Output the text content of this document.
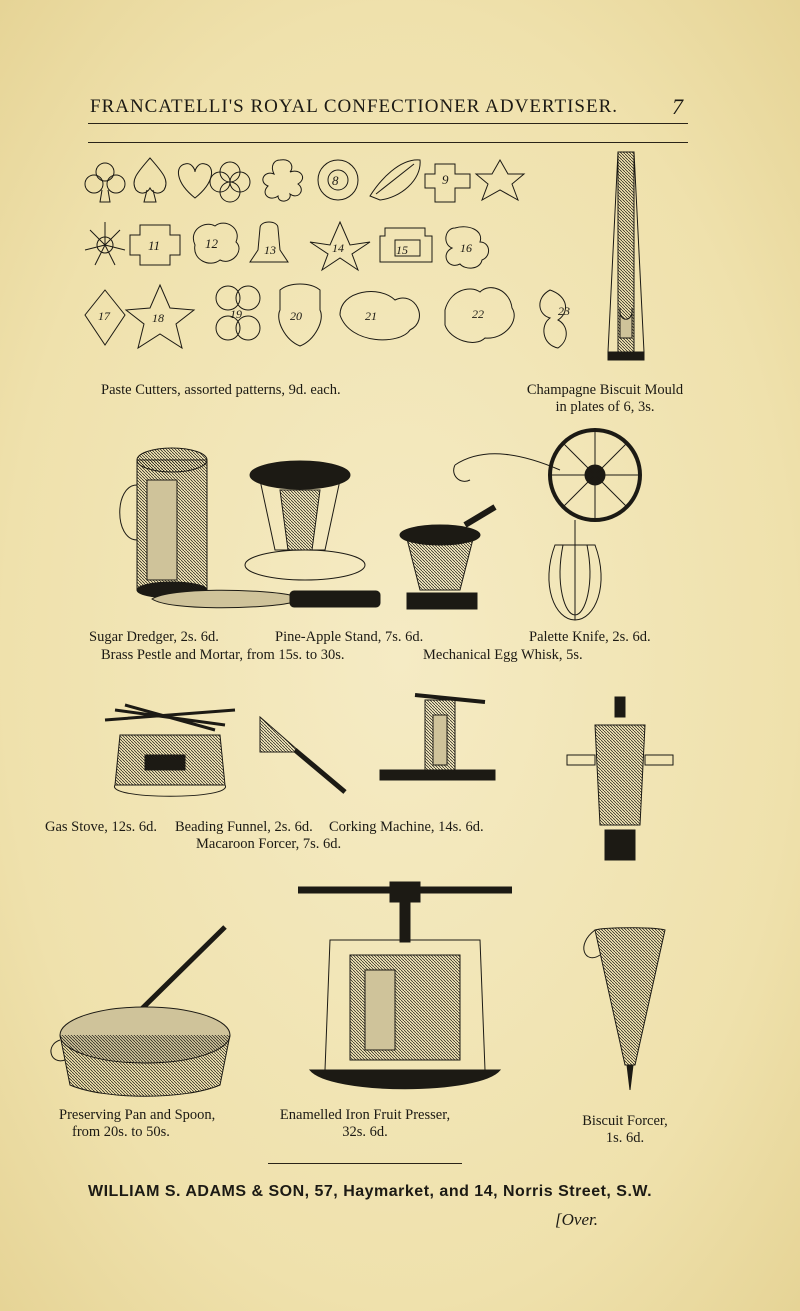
FRANCATELLI'S ROYAL CONFECTIONER ADVERTISER. 7
8	9
11	12	13	14	15	16
17	18	19	20	21	22	23
Paste Cutters, assorted patterns, 9d. each.	Champagne Biscuit Mould
in plates of 6, 3s.
Sugar Dredger, 2s. 6d.	Pine-Apple Stand, 7s. 6d.	Palette Knife, 2s. 6d.
Brass Pestle and Mortar, from 15s. to 30s.	Mechanical Egg Whisk, 5s.
Gas Stove, 12s. 6d. Beading Funnel, 2s. 6d. Corking Machine, 14s. 6d.
Macaroon Forcer, 7s. 6d.
Preserving Pan and Spoon,
from 20s. to 50s.
Enamelled Iron Fruit Presser,
32s. 6d.
Biscuit Forcer,
1s. 6d.
WILLIAM S. ADAMS & SON, 57, Haymarket, and 14, Norris Street, S.W.
[Over.
